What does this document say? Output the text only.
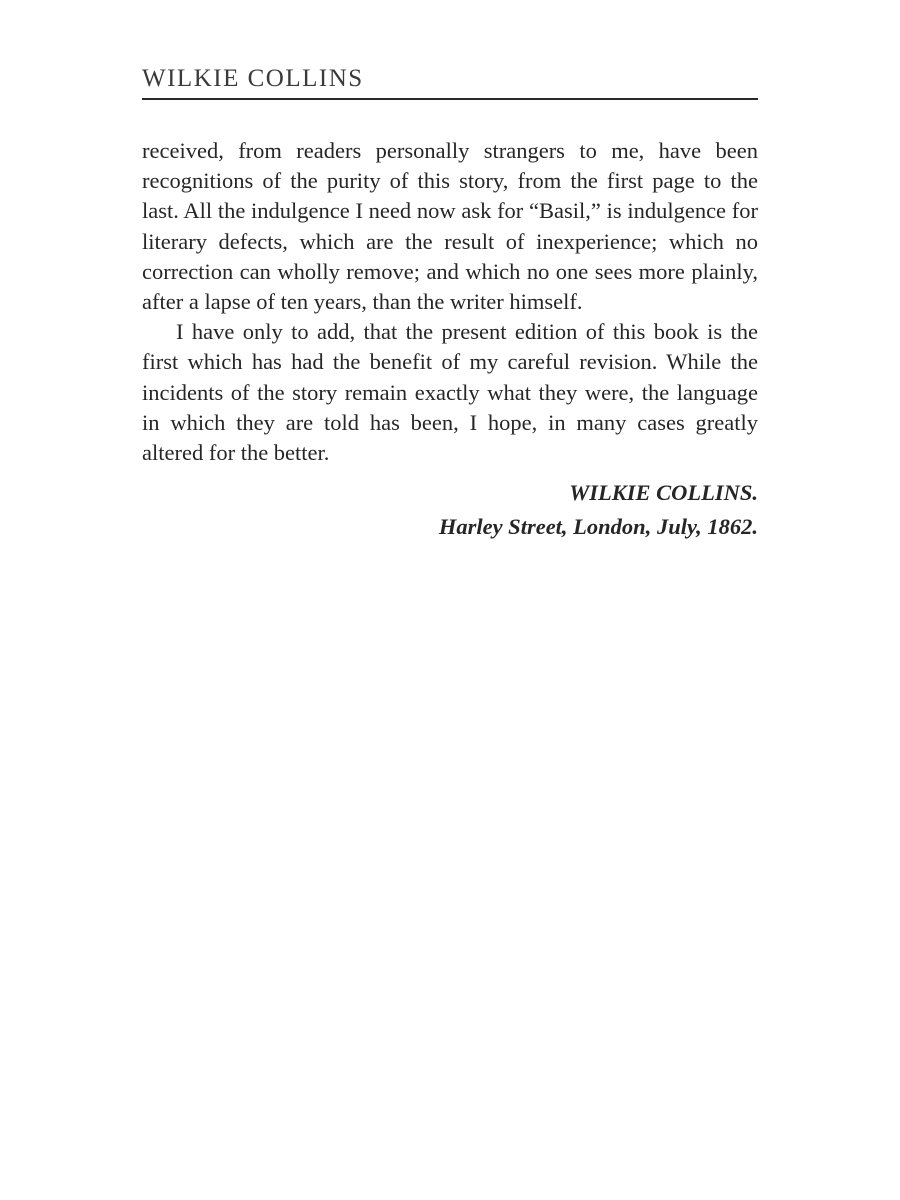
WILKIE COLLINS

received, from readers personally strangers to me, have been recognitions of the purity of this story, from the first page to the last. All the indulgence I need now ask for “Basil,” is indulgence for literary defects, which are the result of inexperience; which no correction can wholly remove; and which no one sees more plainly, after a lapse of ten years, than the writer himself.

I have only to add, that the present edition of this book is the first which has had the benefit of my careful revision. While the incidents of the story remain exactly what they were, the language in which they are told has been, I hope, in many cases greatly altered for the better.

WILKIE COLLINS.
Harley Street, London, July, 1862.
